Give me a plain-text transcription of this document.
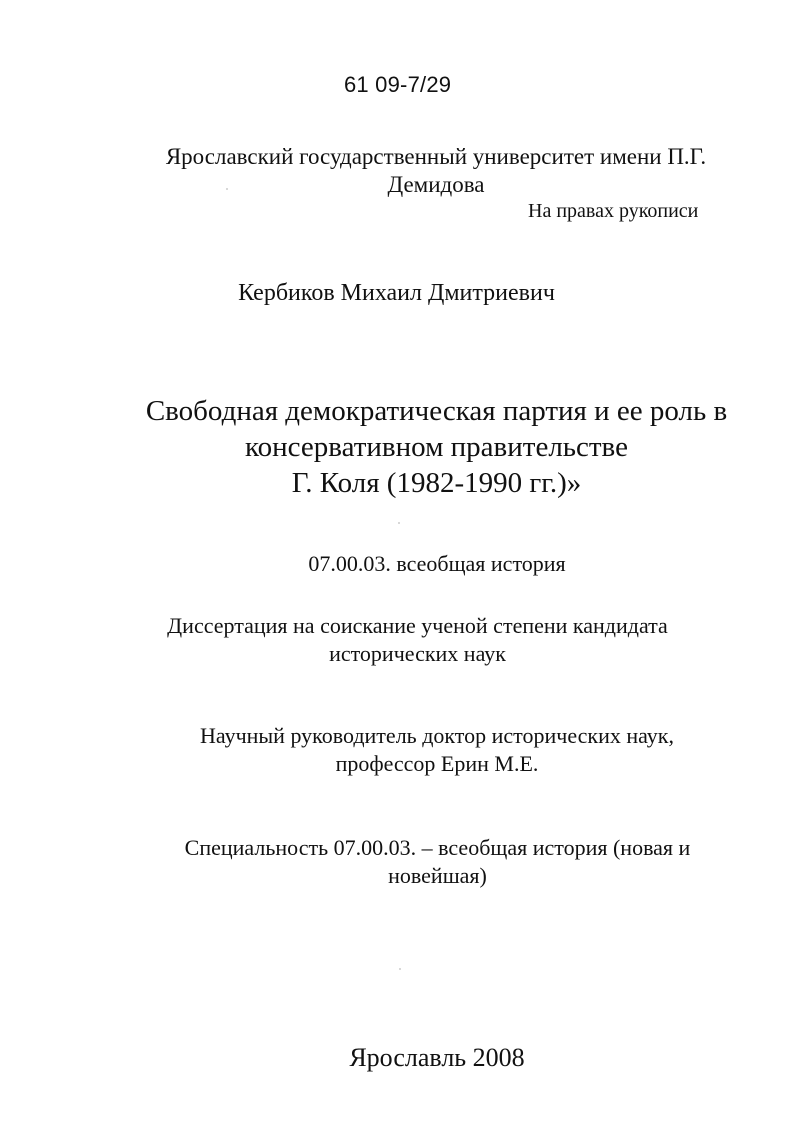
61 09-7/29
Ярославский государственный университет имени П.Г.
Демидова
На правах рукописи
Кербиков Михаил Дмитриевич
Свободная демократическая партия и ее роль в
консервативном правительстве
Г. Коля (1982-1990 гг.)»
07.00.03. всеобщая история
Диссертация на соискание ученой степени кандидата
исторических наук
Научный руководитель доктор исторических наук,
профессор Ерин М.Е.
Специальность 07.00.03. – всеобщая история (новая и
новейшая)
Ярославль 2008
